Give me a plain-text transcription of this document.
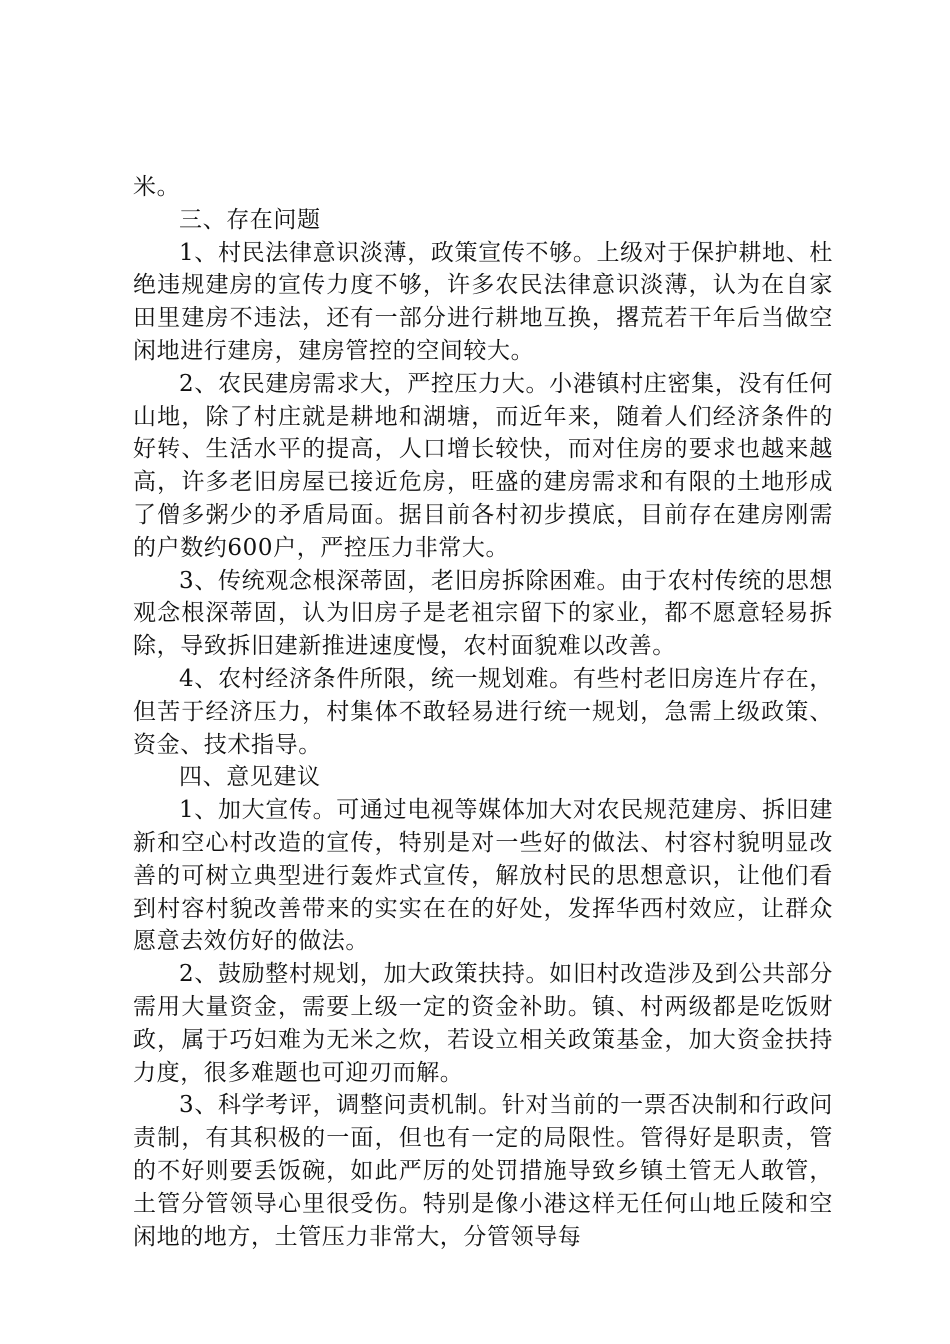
米。

三、存在问题

1、村民法律意识淡薄，政策宣传不够。上级对于保护耕地、杜绝违规建房的宣传力度不够，许多农民法律意识淡薄，认为在自家田里建房不违法，还有一部分进行耕地互换，撂荒若干年后当做空闲地进行建房，建房管控的空间较大。

2、农民建房需求大，严控压力大。小港镇村庄密集，没有任何山地，除了村庄就是耕地和湖塘，而近年来，随着人们经济条件的好转、生活水平的提高，人口增长较快，而对住房的要求也越来越高，许多老旧房屋已接近危房，旺盛的建房需求和有限的土地形成了僧多粥少的矛盾局面。据目前各村初步摸底，目前存在建房刚需的户数约600户，严控压力非常大。

3、传统观念根深蒂固，老旧房拆除困难。由于农村传统的思想观念根深蒂固，认为旧房子是老祖宗留下的家业，都不愿意轻易拆除，导致拆旧建新推进速度慢，农村面貌难以改善。

4、农村经济条件所限，统一规划难。有些村老旧房连片存在，但苦于经济压力，村集体不敢轻易进行统一规划，急需上级政策、资金、技术指导。

四、意见建议

1、加大宣传。可通过电视等媒体加大对农民规范建房、拆旧建新和空心村改造的宣传，特别是对一些好的做法、村容村貌明显改善的可树立典型进行轰炸式宣传，解放村民的思想意识，让他们看到村容村貌改善带来的实实在在的好处，发挥华西村效应，让群众愿意去效仿好的做法。

2、鼓励整村规划，加大政策扶持。如旧村改造涉及到公共部分需用大量资金，需要上级一定的资金补助。镇、村两级都是吃饭财政，属于巧妇难为无米之炊，若设立相关政策基金，加大资金扶持力度，很多难题也可迎刃而解。

3、科学考评，调整问责机制。针对当前的一票否决制和行政问责制，有其积极的一面，但也有一定的局限性。管得好是职责，管的不好则要丢饭碗，如此严厉的处罚措施导致乡镇土管无人敢管，土管分管领导心里很受伤。特别是像小港这样无任何山地丘陵和空闲地的地方，土管压力非常大，分管领导每
